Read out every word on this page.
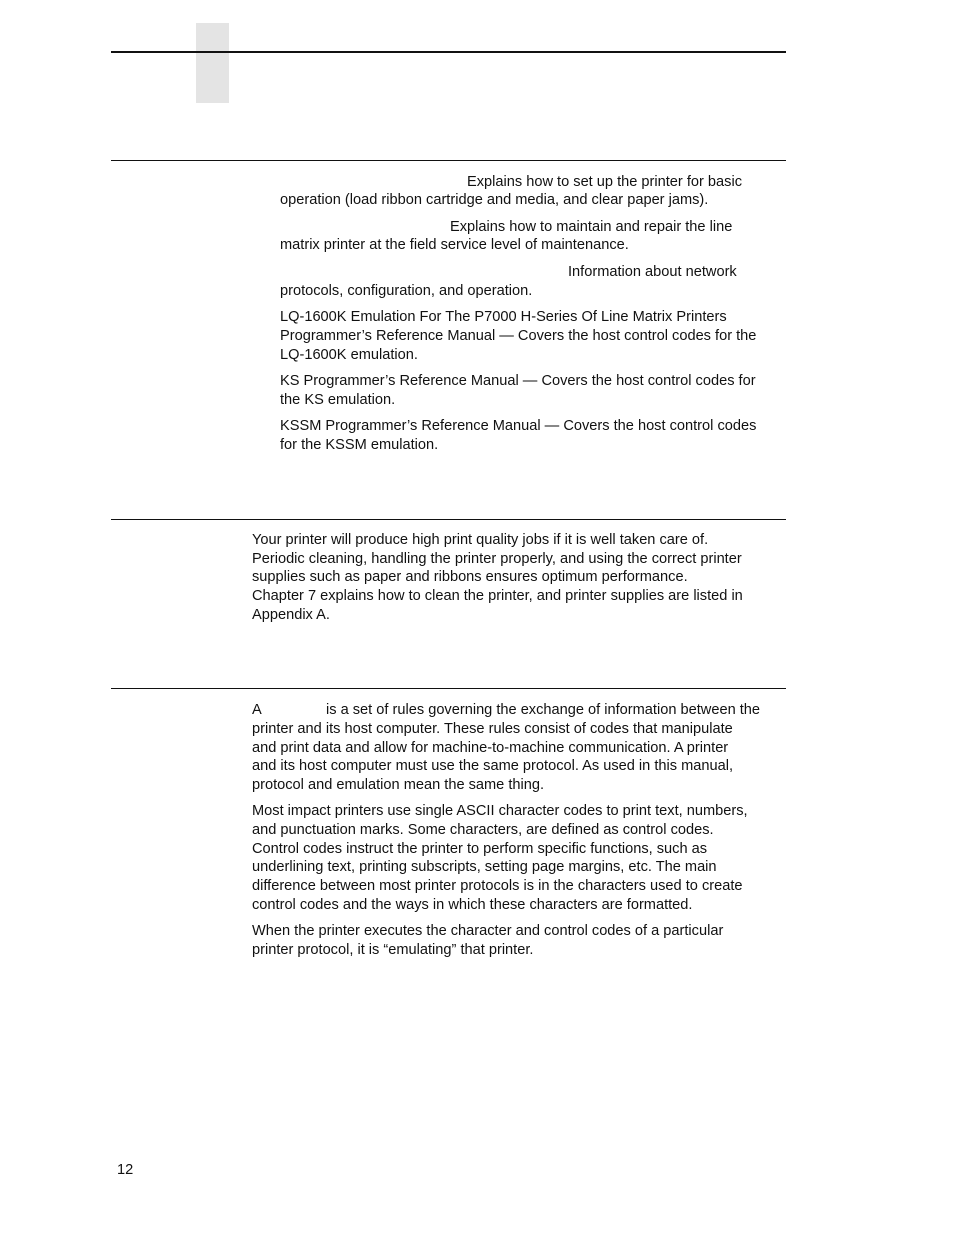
Explains how to set up the printer for basic
operation (load ribbon cartridge and media, and clear paper jams).
Explains how to maintain and repair the line
matrix printer at the field service level of maintenance.
Information about network
protocols, configuration, and operation.
LQ-1600K Emulation For The P7000 H-Series Of Line Matrix Printers
Programmer’s Reference Manual — Covers the host control codes for the
LQ-1600K emulation.
KS Programmer’s Reference Manual — Covers the host control codes for
the KS emulation.
KSSM Programmer’s Reference Manual — Covers the host control codes
for the KSSM emulation.
Your printer will produce high print quality jobs if it is well taken care of.
Periodic cleaning, handling the printer properly, and using the correct printer
supplies such as paper and ribbons ensures optimum performance.
Chapter 7 explains how to clean the printer, and printer supplies are listed in
Appendix A.
A	is a set of rules governing the exchange of information between the
printer and its host computer. These rules consist of codes that manipulate
and print data and allow for machine-to-machine communication. A printer
and its host computer must use the same protocol. As used in this manual,
protocol and emulation mean the same thing.
Most impact printers use single ASCII character codes to print text, numbers,
and punctuation marks. Some characters, are defined as control codes.
Control codes instruct the printer to perform specific functions, such as
underlining text, printing subscripts, setting page margins, etc. The main
difference between most printer protocols is in the characters used to create
control codes and the ways in which these characters are formatted.
When the printer executes the character and control codes of a particular
printer protocol, it is “emulating” that printer.
12
